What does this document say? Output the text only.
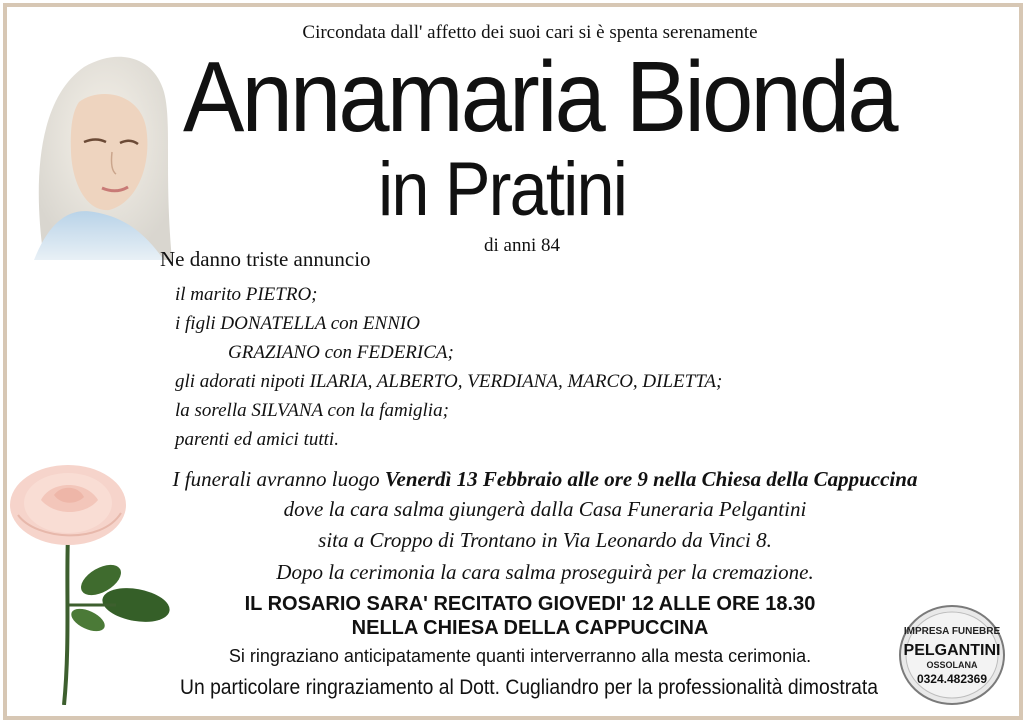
Circondata dall' affetto dei suoi cari si è spenta serenamente
Annamaria Bionda
in Pratini
di anni 84
Ne danno triste annuncio
il marito PIETRO;
i figli DONATELLA con ENNIO
GRAZIANO con FEDERICA;
gli adorati nipoti ILARIA, ALBERTO, VERDIANA, MARCO, DILETTA;
la sorella SILVANA con la famiglia;
parenti ed amici tutti.
I funerali avranno luogo Venerdì 13 Febbraio alle ore 9 nella Chiesa della Cappuccina
dove la cara salma giungerà dalla Casa Funeraria Pelgantini
sita a Croppo di Trontano in Via Leonardo da Vinci 8.
Dopo la cerimonia la cara salma proseguirà per la cremazione.
IL ROSARIO SARA' RECITATO GIOVEDI' 12 ALLE ORE 18.30
NELLA CHIESA DELLA CAPPUCCINA
Si ringraziano anticipatamente quanti interverranno alla mesta cerimonia.
Un particolare ringraziamento al Dott. Cugliandro per la professionalità dimostrata
IMPRESA FUNEBRE
PELGANTINI
OSSOLANA
0324.482369
